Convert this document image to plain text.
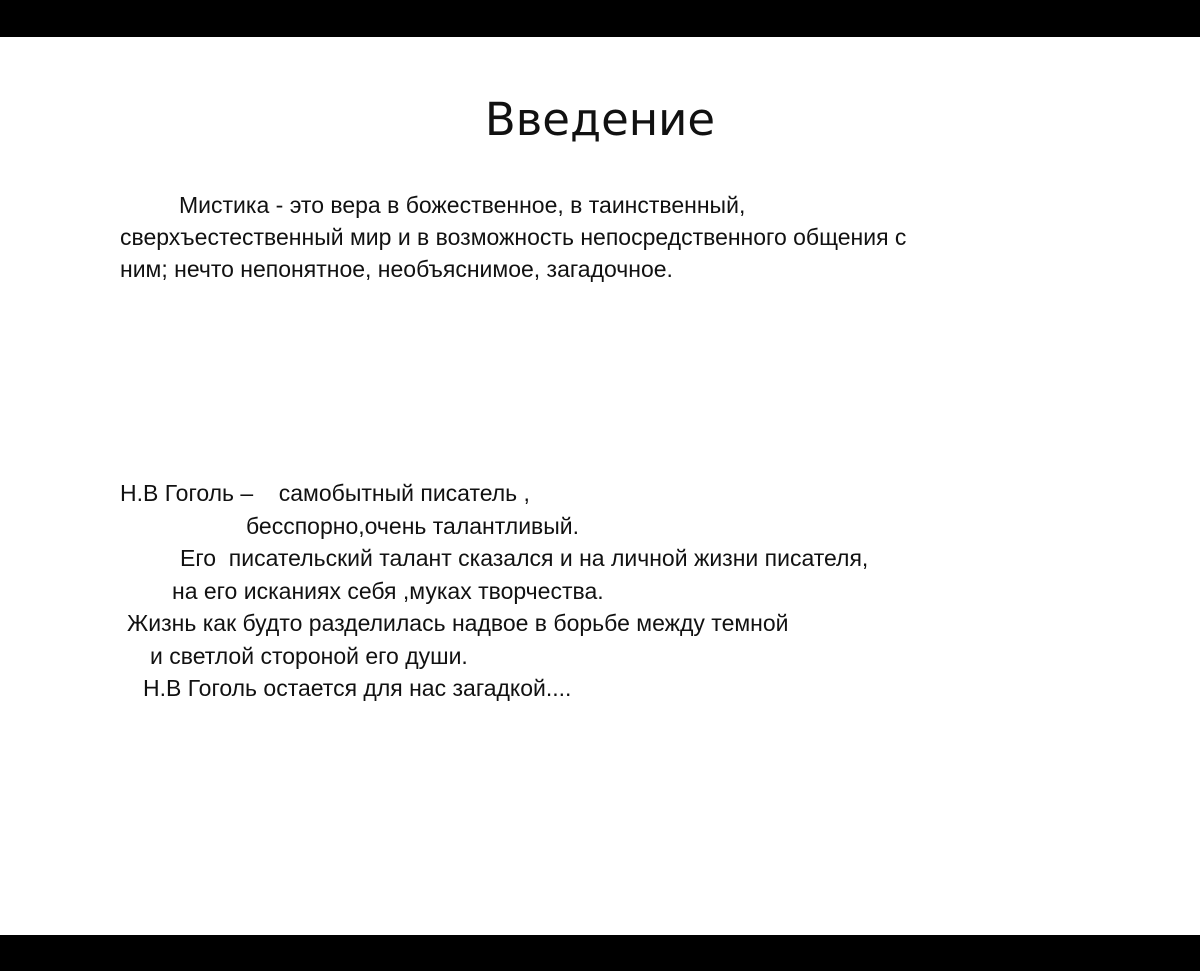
Введение
Мистика - это вера в божественное, в таинственный,
сверхъестественный мир и в возможность непосредственного общения с
ним; нечто непонятное, необъяснимое, загадочное.
Н.В Гоголь –    самобытный писатель ,
бесспорно,очень талантливый.
Его  писательский талант сказался и на личной жизни писателя,
на его исканиях себя ,муках творчества.
Жизнь как будто разделилась надвое в борьбе между темной
и светлой стороной его души.
Н.В Гоголь остается для нас загадкой....
